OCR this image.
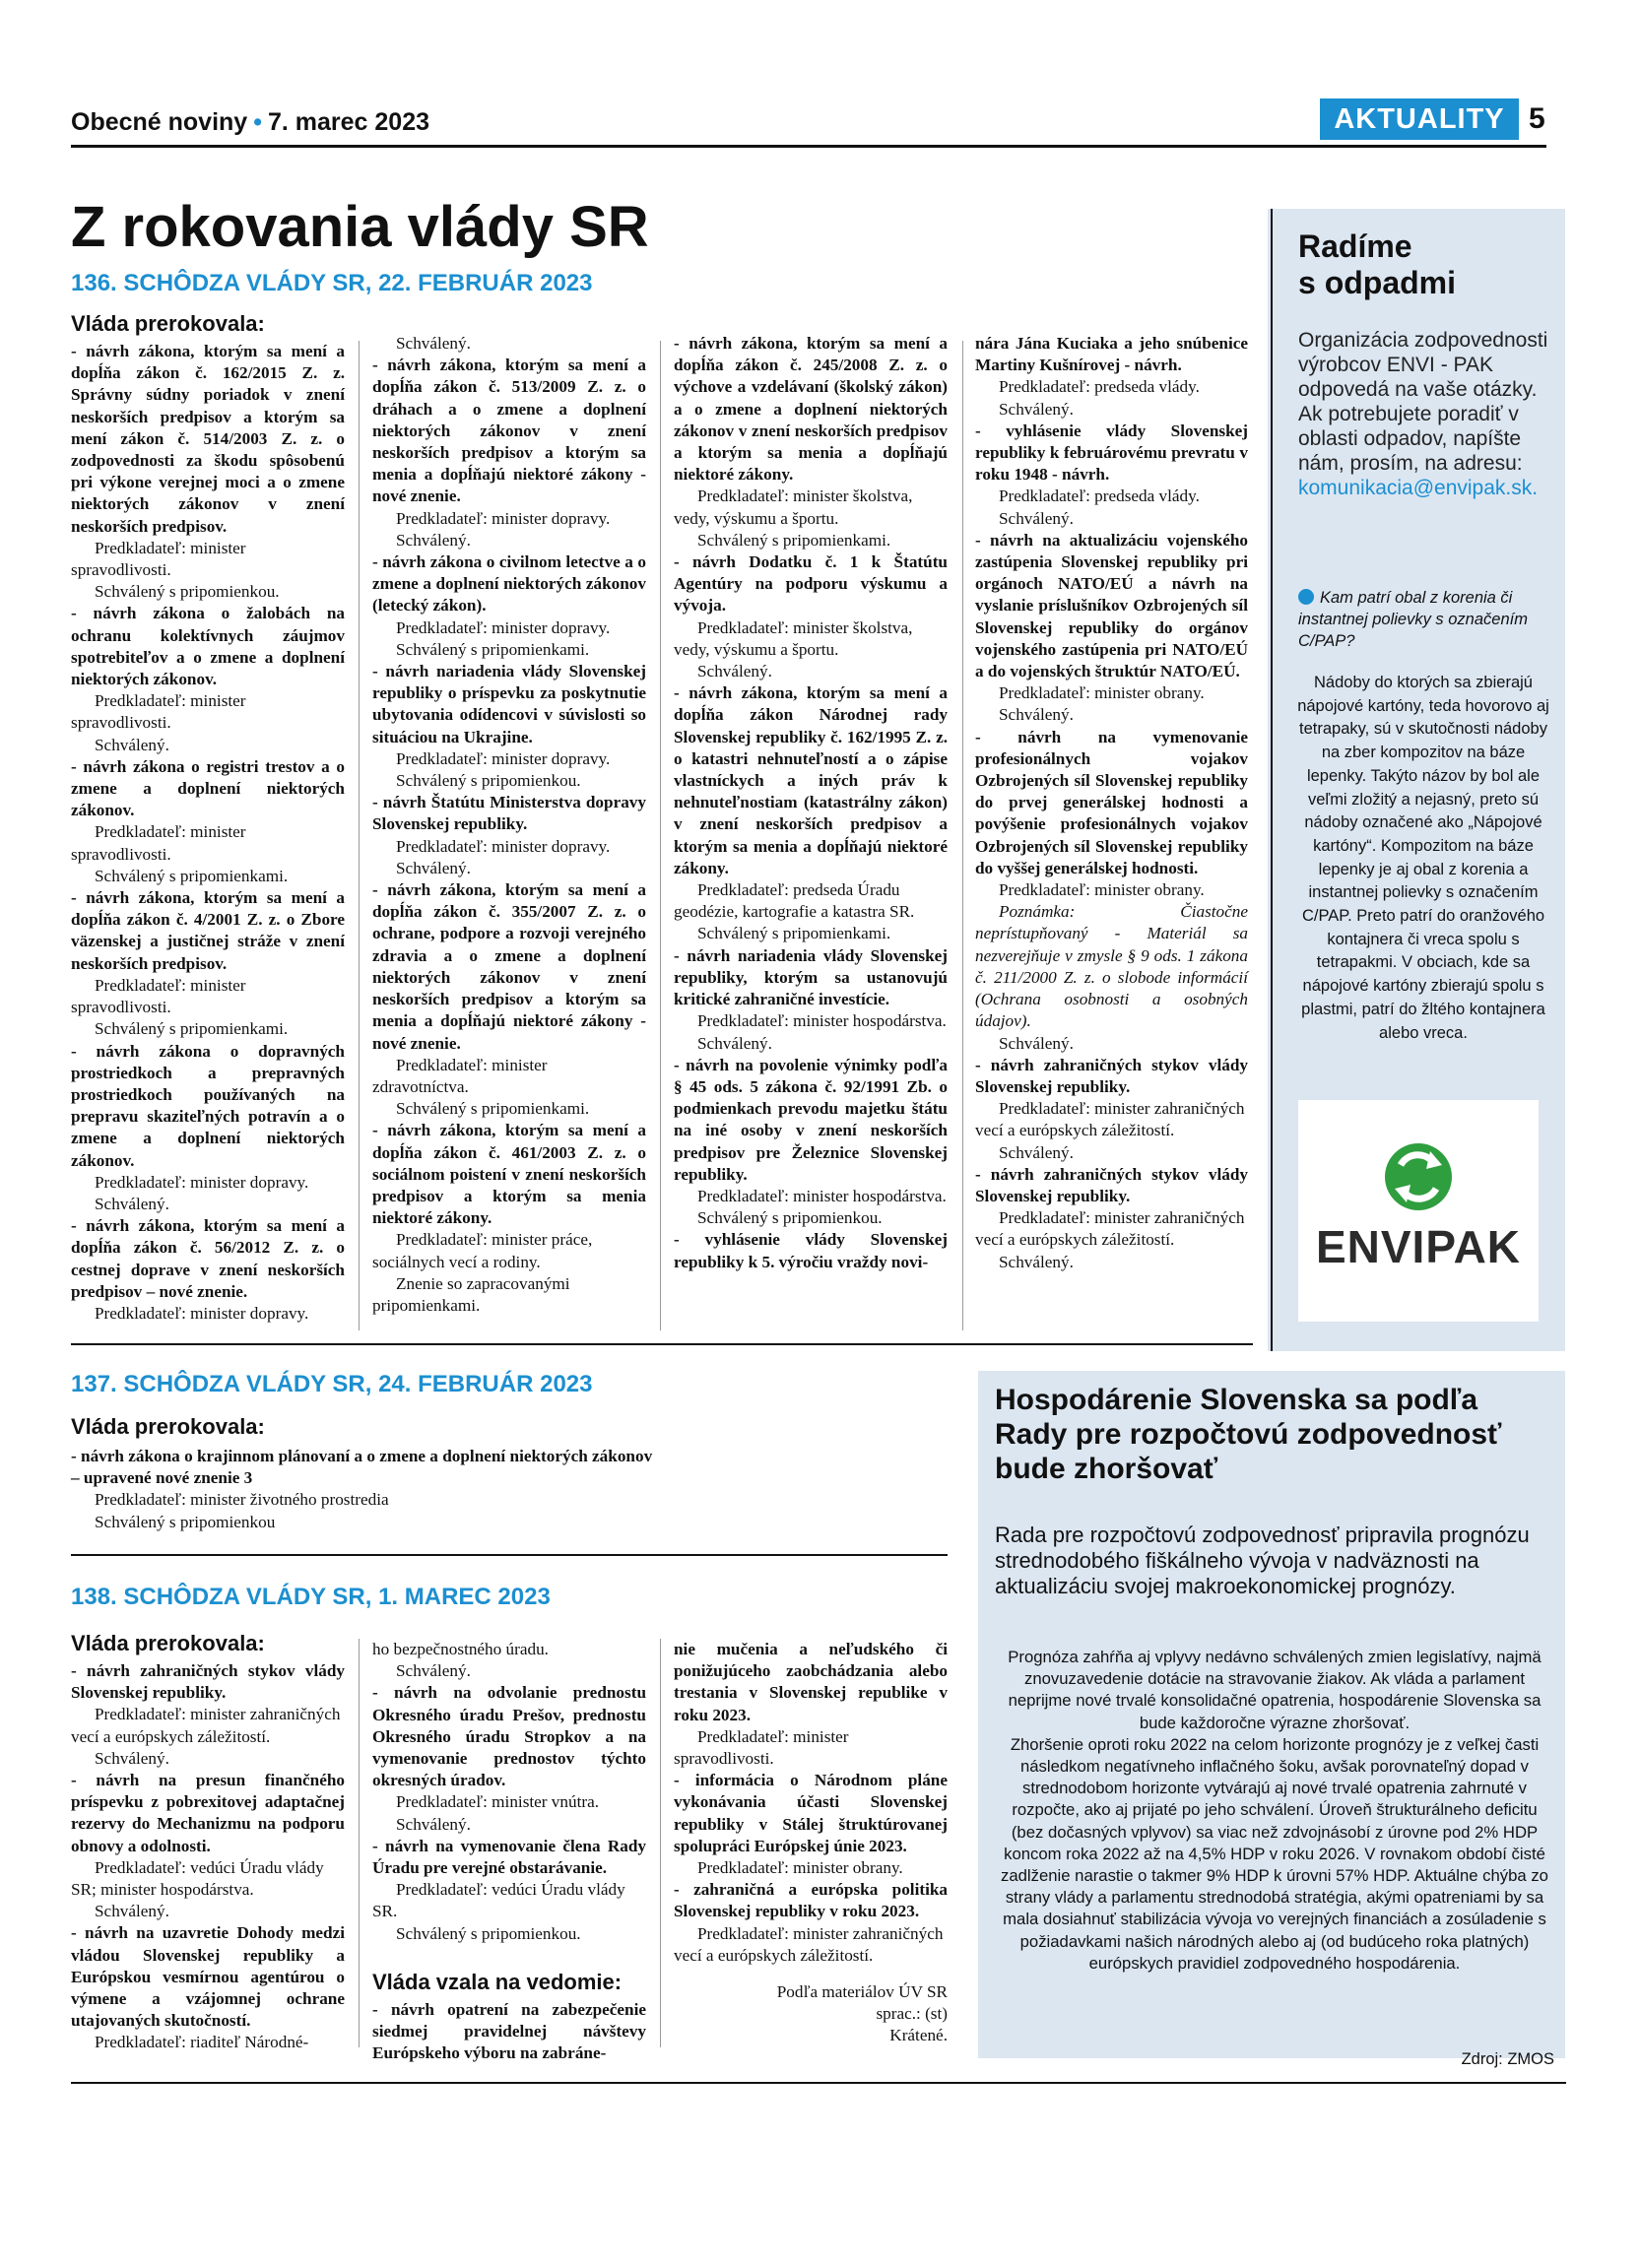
Obecné noviny • 7. marec 2023	AKTUALITY 5
Z rokovania vlády SR
136. SCHÔDZA VLÁDY SR, 22. FEBRUÁR 2023
Vláda prerokovala:

- návrh zákona, ktorým sa mení a dopĺňa zákon č. 162/2015 Z. z. Správny súdny poriadok v znení neskorších predpisov a ktorým sa mení zákon č. 514/2003 Z. z. o zodpovednosti za škodu spôsobenú pri výkone verejnej moci a o zmene niektorých zákonov v znení neskorších predpisov.

Predkladateľ: minister spravodlivosti.

Schválený s pripomienkou.

- návrh zákona o žalobách na ochranu kolektívnych záujmov spotrebiteľov a o zmene a doplnení niektorých zákonov.

Predkladateľ: minister spravodlivosti.

Schválený.

- návrh zákona o registri trestov a o zmene a doplnení niektorých zákonov.

Predkladateľ: minister spravodlivosti.

Schválený s pripomienkami.

- návrh zákona, ktorým sa mení a dopĺňa zákon č. 4/2001 Z. z. o Zbore väzenskej a justičnej stráže v znení neskorších predpisov.

Predkladateľ: minister spravodlivosti.

Schválený s pripomienkami.

- návrh zákona o dopravných prostriedkoch a prepravných prostriedkoch používaných na prepravu skaziteľných potravín a o zmene a doplnení niektorých zákonov.

Predkladateľ: minister dopravy.

Schválený.

- návrh zákona, ktorým sa mení a dopĺňa zákon č. 56/2012 Z. z. o cestnej doprave v znení neskorších predpisov – nové znenie.

Predkladateľ: minister dopravy.

Schválený.

- návrh zákona, ktorým sa mení a dopĺňa zákon č. 513/2009 Z. z. o dráhach a o zmene a doplnení niektorých zákonov v znení neskorších predpisov a ktorým sa menia a dopĺňajú niektoré zákony - nové znenie.

Predkladateľ: minister dopravy.

Schválený.

- návrh zákona o civilnom letectve a o zmene a doplnení niektorých zákonov (letecký zákon).

Predkladateľ: minister dopravy.

Schválený s pripomienkami.

- návrh nariadenia vlády Slovenskej republiky o príspevku za poskytnutie ubytovania odídencovi v súvislosti so situáciou na Ukrajine.

Predkladateľ: minister dopravy.

Schválený s pripomienkou.

- návrh Štatútu Ministerstva dopravy Slovenskej republiky.

Predkladateľ: minister dopravy.

Schválený.

- návrh zákona, ktorým sa mení a dopĺňa zákon č. 355/2007 Z. z. o ochrane, podpore a rozvoji verejného zdravia a o zmene a doplnení niektorých zákonov v znení neskorších predpisov a ktorým sa menia a dopĺňajú niektoré zákony - nové znenie.

Predkladateľ: minister zdravotníctva.

Schválený s pripomienkami.

- návrh zákona, ktorým sa mení a dopĺňa zákon č. 461/2003 Z. z. o sociálnom poistení v znení neskorších predpisov a ktorým sa menia niektoré zákony.

Predkladateľ: minister práce, sociálnych vecí a rodiny.

Znenie so zapracovanými pripomienkami.

- návrh zákona, ktorým sa mení a dopĺňa zákon č. 245/2008 Z. z. o výchove a vzdelávaní (školský zákon) a o zmene a doplnení niektorých zákonov v znení neskorších predpisov a ktorým sa menia a dopĺňajú niektoré zákony.

Predkladateľ: minister školstva, vedy, výskumu a športu.

Schválený s pripomienkami.

- návrh Dodatku č. 1 k Štatútu Agentúry na podporu výskumu a vývoja.

Predkladateľ: minister školstva, vedy, výskumu a športu.

Schválený.

- návrh zákona, ktorým sa mení a dopĺňa zákon Národnej rady Slovenskej republiky č. 162/1995 Z. z. o katastri nehnuteľností a o zápise vlastníckych a iných práv k nehnuteľnostiam (katastrálny zákon) v znení neskorších predpisov a ktorým sa menia a dopĺňajú niektoré zákony.

Predkladateľ: predseda Úradu geodézie, kartografie a katastra SR.

Schválený s pripomienkami.

- návrh nariadenia vlády Slovenskej republiky, ktorým sa ustanovujú kritické zahraničné investície.

Predkladateľ: minister hospodárstva.

Schválený.

- návrh na povolenie výnimky podľa § 45 ods. 5 zákona č. 92/1991 Zb. o podmienkach prevodu majetku štátu na iné osoby v znení neskorších predpisov pre Železnice Slovenskej republiky.

Predkladateľ: minister hospodárstva.

Schválený s pripomienkou.

- vyhlásenie vlády Slovenskej republiky k 5. výročiu vraždy novi-

nára Jána Kuciaka a jeho snúbenice Martiny Kušnírovej - návrh.

Predkladateľ: predseda vlády.

Schválený.

- vyhlásenie vlády Slovenskej republiky k februárovému prevratu v roku 1948 - návrh.

Predkladateľ: predseda vlády.

Schválený.

- návrh na aktualizáciu vojenského zastúpenia Slovenskej republiky pri orgánoch NATO/EÚ a návrh na vyslanie príslušníkov Ozbrojených síl Slovenskej republiky do orgánov vojenského zastúpenia pri NATO/EÚ a do vojenských štruktúr NATO/EÚ.

Predkladateľ: minister obrany.

Schválený.

- návrh na vymenovanie profesionálnych vojakov Ozbrojených síl Slovenskej republiky do prvej generálskej hodnosti a povýšenie profesionálnych vojakov Ozbrojených síl Slovenskej republiky do vyššej generálskej hodnosti.

Predkladateľ: minister obrany.

Poznámka: Čiastočne neprístupňovaný - Materiál sa nezverejňuje v zmysle § 9 ods. 1 zákona č. 211/2000 Z. z. o slobode informácií (Ochrana osobnosti a osobných údajov).

Schválený.

- návrh zahraničných stykov vlády Slovenskej republiky.

Predkladateľ: minister zahraničných vecí a európskych záležitostí.

Schválený.

- návrh zahraničných stykov vlády Slovenskej republiky.

Predkladateľ: minister zahraničných vecí a európskych záležitostí.

Schválený.

137. SCHÔDZA VLÁDY SR, 24. FEBRUÁR 2023
Vláda prerokovala:

- návrh zákona o krajinnom plánovaní a o zmene a doplnení niektorých zákonov

– upravené nové znenie 3

Predkladateľ: minister životného prostredia

Schválený s pripomienkou

138. SCHÔDZA VLÁDY SR, 1. MAREC 2023
Vláda prerokovala:

- návrh zahraničných stykov vlády Slovenskej republiky.

Predkladateľ: minister zahraničných vecí a európskych záležitostí.

Schválený.

- návrh na presun finančného príspevku z pobrexitovej adaptačnej rezervy do Mechanizmu na podporu obnovy a odolnosti.

Predkladateľ: vedúci Úradu vlády SR; minister hospodárstva.

Schválený.

- návrh na uzavretie Dohody medzi vládou Slovenskej republiky a Európskou vesmírnou agentúrou o výmene a vzájomnej ochrane utajovaných skutočností.

Predkladateľ: riaditeľ Národné-

ho bezpečnostného úradu.

Schválený.

- návrh na odvolanie prednostu Okresného úradu Prešov, prednostu Okresného úradu Stropkov a na vymenovanie prednostov týchto okresných úradov.

Predkladateľ: minister vnútra.

Schválený.

- návrh na vymenovanie člena Rady Úradu pre verejné obstarávanie.

Predkladateľ: vedúci Úradu vlády SR.

Schválený s pripomienkou.

Vláda vzala na vedomie:

- návrh opatrení na zabezpečenie siedmej pravidelnej návštevy Európskeho výboru na zabráne-

nie mučenia a neľudského či ponižujúceho zaobchádzania alebo trestania v Slovenskej republike v roku 2023.

Predkladateľ: minister spravodlivosti.

- informácia o Národnom pláne vykonávania účasti Slovenskej republiky v Stálej štruktúrovanej spolupráci Európskej únie 2023.

Predkladateľ: minister obrany.

- zahraničná a európska politika Slovenskej republiky v roku 2023.

Predkladateľ: minister zahraničných vecí a európskych záležitostí.

Podľa materiálov ÚV SR

sprac.: (st)

Krátené.

Radíme
s odpadmi
Organizácia zodpovednosti výrobcov ENVI - PAK odpovedá na vaše otázky. Ak potrebujete poradiť v oblasti odpadov, napíšte nám, prosím, na adresu: komunikacia@envipak.sk.
Kam patrí obal z korenia či instantnej polievky s označením C/PAP?
Nádoby do ktorých sa zbierajú nápojové kartóny, teda hovorovo aj tetrapaky, sú v skutočnosti nádoby na zber kompozitov na báze lepenky. Takýto názov by bol ale veľmi zložitý a nejasný, preto sú nádoby označené ako „Nápojové kartóny“. Kompozitom na báze lepenky je aj obal z korenia a instantnej polievky s označením C/PAP. Preto patrí do oranžového kontajnera či vreca spolu s tetrapakmi. V obciach, kde sa nápojové kartóny zbierajú spolu s plastmi, patrí do žltého kontajnera alebo vreca.
ENVIPAK
Hospodárenie Slovenska sa podľa Rady pre rozpočtovú zodpovednosť bude zhoršovať
Rada pre rozpočtovú zodpovednosť pripravila prognózu strednodobého fiškálneho vývoja v nadväznosti na aktualizáciu svojej makroekonomickej prognózy.

Prognóza zahŕňa aj vplyvy nedávno schválených zmien legislatívy, najmä znovuzavedenie dotácie na stravovanie žiakov. Ak vláda a parlament neprijme nové trvalé konsolidačné opatrenia, hospodárenie Slovenska sa bude každoročne výrazne zhoršovať.

Zhoršenie oproti roku 2022 na celom horizonte prognózy je z veľkej časti následkom negatívneho inflačného šoku, avšak porovnateľný dopad v strednodobom horizonte vytvárajú aj nové trvalé opatrenia zahrnuté v rozpočte, ako aj prijaté po jeho schválení. Úroveň štrukturálneho deficitu (bez dočasných vplyvov) sa viac než zdvojnásobí z úrovne pod 2% HDP koncom roka 2022 až na 4,5% HDP v roku 2026. V rovnakom období čisté zadlženie narastie o takmer 9% HDP k úrovni 57% HDP. Aktuálne chýba zo strany vlády a parlamentu strednodobá stratégia, akými opatreniami by sa mala dosiahnuť stabilizácia vývoja vo verejných financiách a zosúladenie s požiadavkami našich národných alebo aj (od budúceho roka platných) európskych pravidiel zodpovedného hospodárenia.

Zdroj: ZMOS
